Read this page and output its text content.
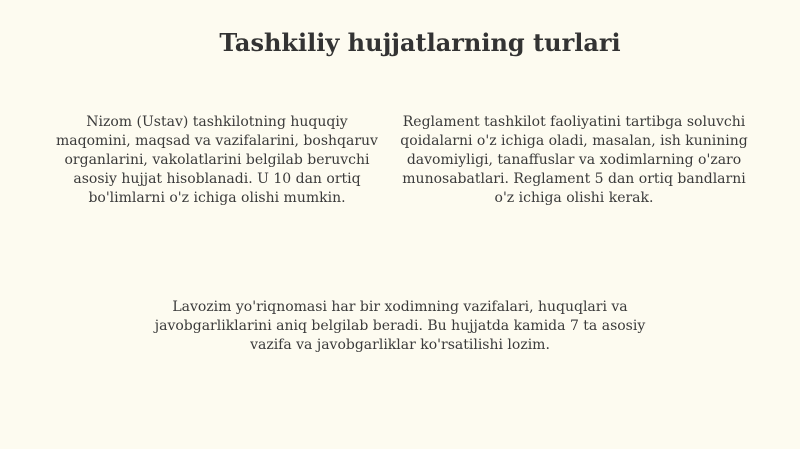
Tashkiliy hujjatlarning turlari

Nizom (Ustav) tashkilotning huquqiy maqomini, maqsad va vazifalarini, boshqaruv organlarini, vakolatlarini belgilab beruvchi asosiy hujjat hisoblanadi. U 10 dan ortiq bo'limlarni o'z ichiga olishi mumkin.

Reglament tashkilot faoliyatini tartibga soluvchi qoidalarni o'z ichiga oladi, masalan, ish kunining davomiyligi, tanaffuslar va xodimlarning o'zaro munosabatlari. Reglament 5 dan ortiq bandlarni o'z ichiga olishi kerak.

Lavozim yo'riqnomasi har bir xodimning vazifalari, huquqlari va javobgarliklarini aniq belgilab beradi. Bu hujjatda kamida 7 ta asosiy vazifa va javobgarliklar ko'rsatilishi lozim.
